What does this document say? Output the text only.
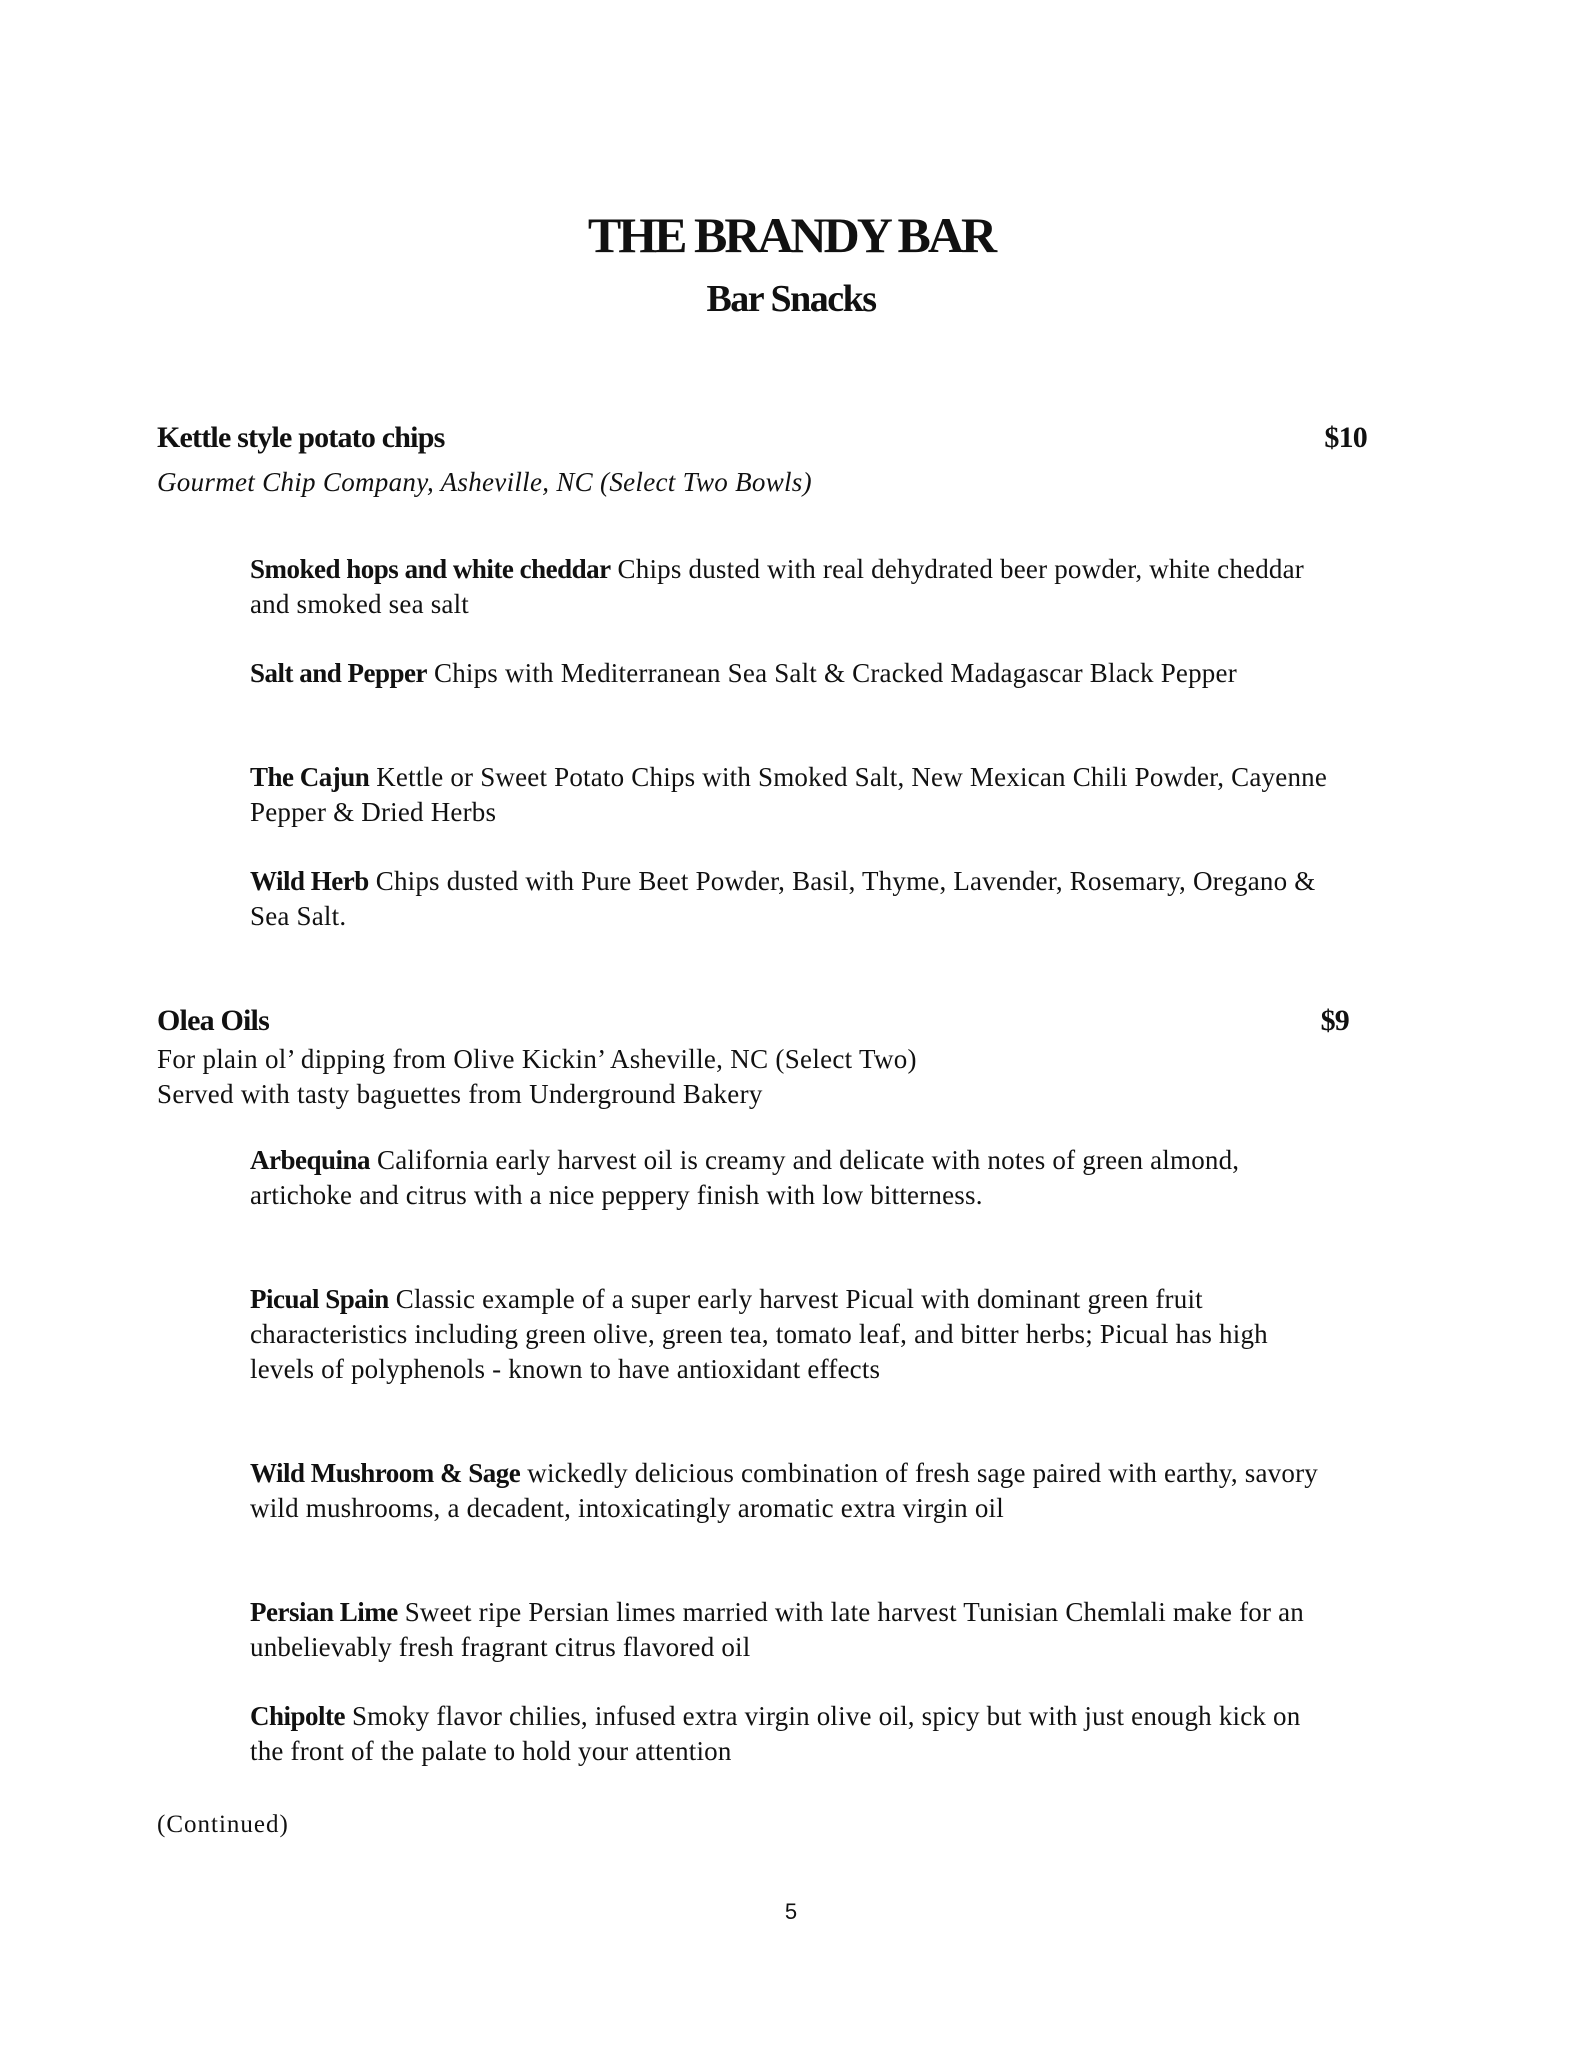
THE BRANDY BAR
Bar Snacks
Kettle style potato chips	$10
Gourmet Chip Company, Asheville, NC (Select Two Bowls)

Smoked hops and white cheddar Chips dusted with real dehydrated beer powder, white cheddar and smoked sea salt

Salt and Pepper Chips with Mediterranean Sea Salt & Cracked Madagascar Black Pepper

The Cajun Kettle or Sweet Potato Chips with Smoked Salt, New Mexican Chili Powder, Cayenne Pepper & Dried Herbs

Wild Herb Chips dusted with Pure Beet Powder, Basil, Thyme, Lavender, Rosemary, Oregano & Sea Salt.

Olea Oils	$9
For plain ol’ dipping from Olive Kickin’ Asheville, NC (Select Two)
Served with tasty baguettes from Underground Bakery

Arbequina California early harvest oil is creamy and delicate with notes of green almond, artichoke and citrus with a nice peppery finish with low bitterness.

Picual Spain Classic example of a super early harvest Picual with dominant green fruit characteristics including green olive, green tea, tomato leaf, and bitter herbs; Picual has high levels of polyphenols - known to have antioxidant effects

Wild Mushroom & Sage wickedly delicious combination of fresh sage paired with earthy, savory wild mushrooms, a decadent, intoxicatingly aromatic extra virgin oil

Persian Lime Sweet ripe Persian limes married with late harvest Tunisian Chemlali make for an unbelievably fresh fragrant citrus flavored oil

Chipolte Smoky flavor chilies, infused extra virgin olive oil, spicy but with just enough kick on the front of the palate to hold your attention

(Continued)
5
